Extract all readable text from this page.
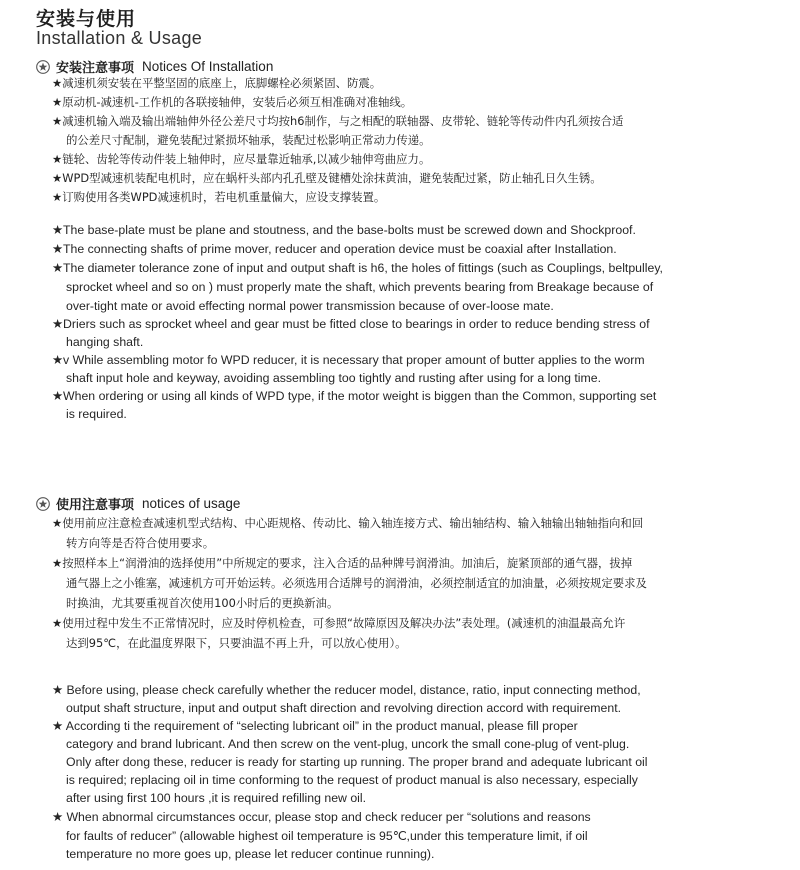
安装与使用
Installation & Usage
安装注意事项 Notices Of Installation
★减速机须安装在平整坚固的底座上，底脚螺栓必须紧固、防震。
★原动机-减速机-工作机的各联接轴伸，安装后必须互相准确对准轴线。
★减速机输入端及输出端轴伸外径公差尺寸均按h6制作，与之相配的联轴器、皮带轮、链轮等传动件内孔须按合适
的公差尺寸配制，避免装配过紧损坏轴承，装配过松影响正常动力传递。
★链轮、齿轮等传动件装上轴伸时，应尽量靠近轴承,以减少轴伸弯曲应力。
★WPD型减速机装配电机时，应在蜗杆头部内孔孔壁及键槽处涂抹黄油，避免装配过紧，防止轴孔日久生锈。
★订购使用各类WPD减速机时，若电机重量偏大，应设支撑装置。
★The base-plate must be plane and stoutness, and the base-bolts must be screwed down and Shockproof.
★The connecting shafts of prime mover, reducer and operation device must be coaxial after Installation.
★The diameter tolerance zone of input and output shaft is h6, the holes of fittings (such as Couplings, beltpulley,
sprocket wheel and so on ) must properly mate the shaft, which prevents bearing from Breakage because of
over-tight mate or avoid effecting normal power transmission because of over-loose mate.
★Driers such as sprocket wheel and gear must be fitted close to bearings in order to reduce bending stress of
hanging shaft.
★v While assembling motor fo WPD reducer, it is necessary that proper amount of butter applies to the worm
shaft input hole and keyway, avoiding assembling too tightly and rusting after using for a long time.
★When ordering or using all kinds of WPD type, if the motor weight is biggen than the Common, supporting set
is required.
使用注意事项 notices of usage
★使用前应注意检查减速机型式结构、中心距规格、传动比、输入轴连接方式、输出轴结构、输入轴输出轴轴指向和回
转方向等是否符合使用要求。
★按照样本上“润滑油的选择使用”中所规定的要求，注入合适的品种牌号润滑油。加油后，旋紧顶部的通气器，拔掉
通气器上之小锥塞，减速机方可开始运转。必须选用合适牌号的润滑油，必须控制适宜的加油量，必须按规定要求及
时换油，尤其要重视首次使用100小时后的更换新油。
★使用过程中发生不正常情况时，应及时停机检查，可参照“故障原因及解决办法”表处理。(减速机的油温最高允许
达到95℃，在此温度界限下，只要油温不再上升，可以放心使用）。
★ Before using, please check carefully whether the reducer model, distance, ratio, input connecting method,
output shaft structure, input and output shaft direction and revolving direction accord with requirement.
★ According ti the requirement of “selecting lubricant oil” in the product manual, please fill proper
category and brand lubricant. And then screw on the vent-plug, uncork the small cone-plug of vent-plug.
Only after dong these, reducer is ready for starting up running. The proper brand and adequate lubricant oil
is required; replacing oil in time conforming to the request of product manual is also necessary, especially
after using first 100 hours ,it is required refilling new oil.
★ When abnormal circumstances occur, please stop and check reducer per “solutions and reasons
for faults of reducer” (allowable highest oil temperature is 95℃,under this temperature limit, if oil
temperature no more goes up, please let reducer continue running).
